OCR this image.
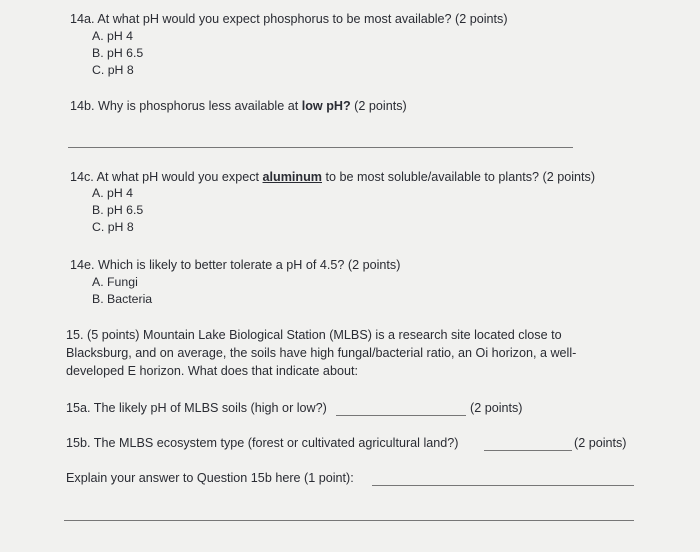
14a. At what pH would you expect phosphorus to be most available? (2 points)
A. pH 4
B. pH 6.5
C. pH 8
14b. Why is phosphorus less available at low pH? (2 points)
14c. At what pH would you expect aluminum to be most soluble/available to plants? (2 points)
A. pH 4
B. pH 6.5
C. pH 8
14e. Which is likely to better tolerate a pH of 4.5? (2 points)
A. Fungi
B. Bacteria
15. (5 points) Mountain Lake Biological Station (MLBS) is a research site located close to
Blacksburg, and on average, the soils have high fungal/bacterial ratio, an Oi horizon, a well-
developed E horizon. What does that indicate about:
15a. The likely pH of MLBS soils (high or low?)	(2 points)
15b. The MLBS ecosystem type (forest or cultivated agricultural land?)	(2 points)
Explain your answer to Question 15b here (1 point):
